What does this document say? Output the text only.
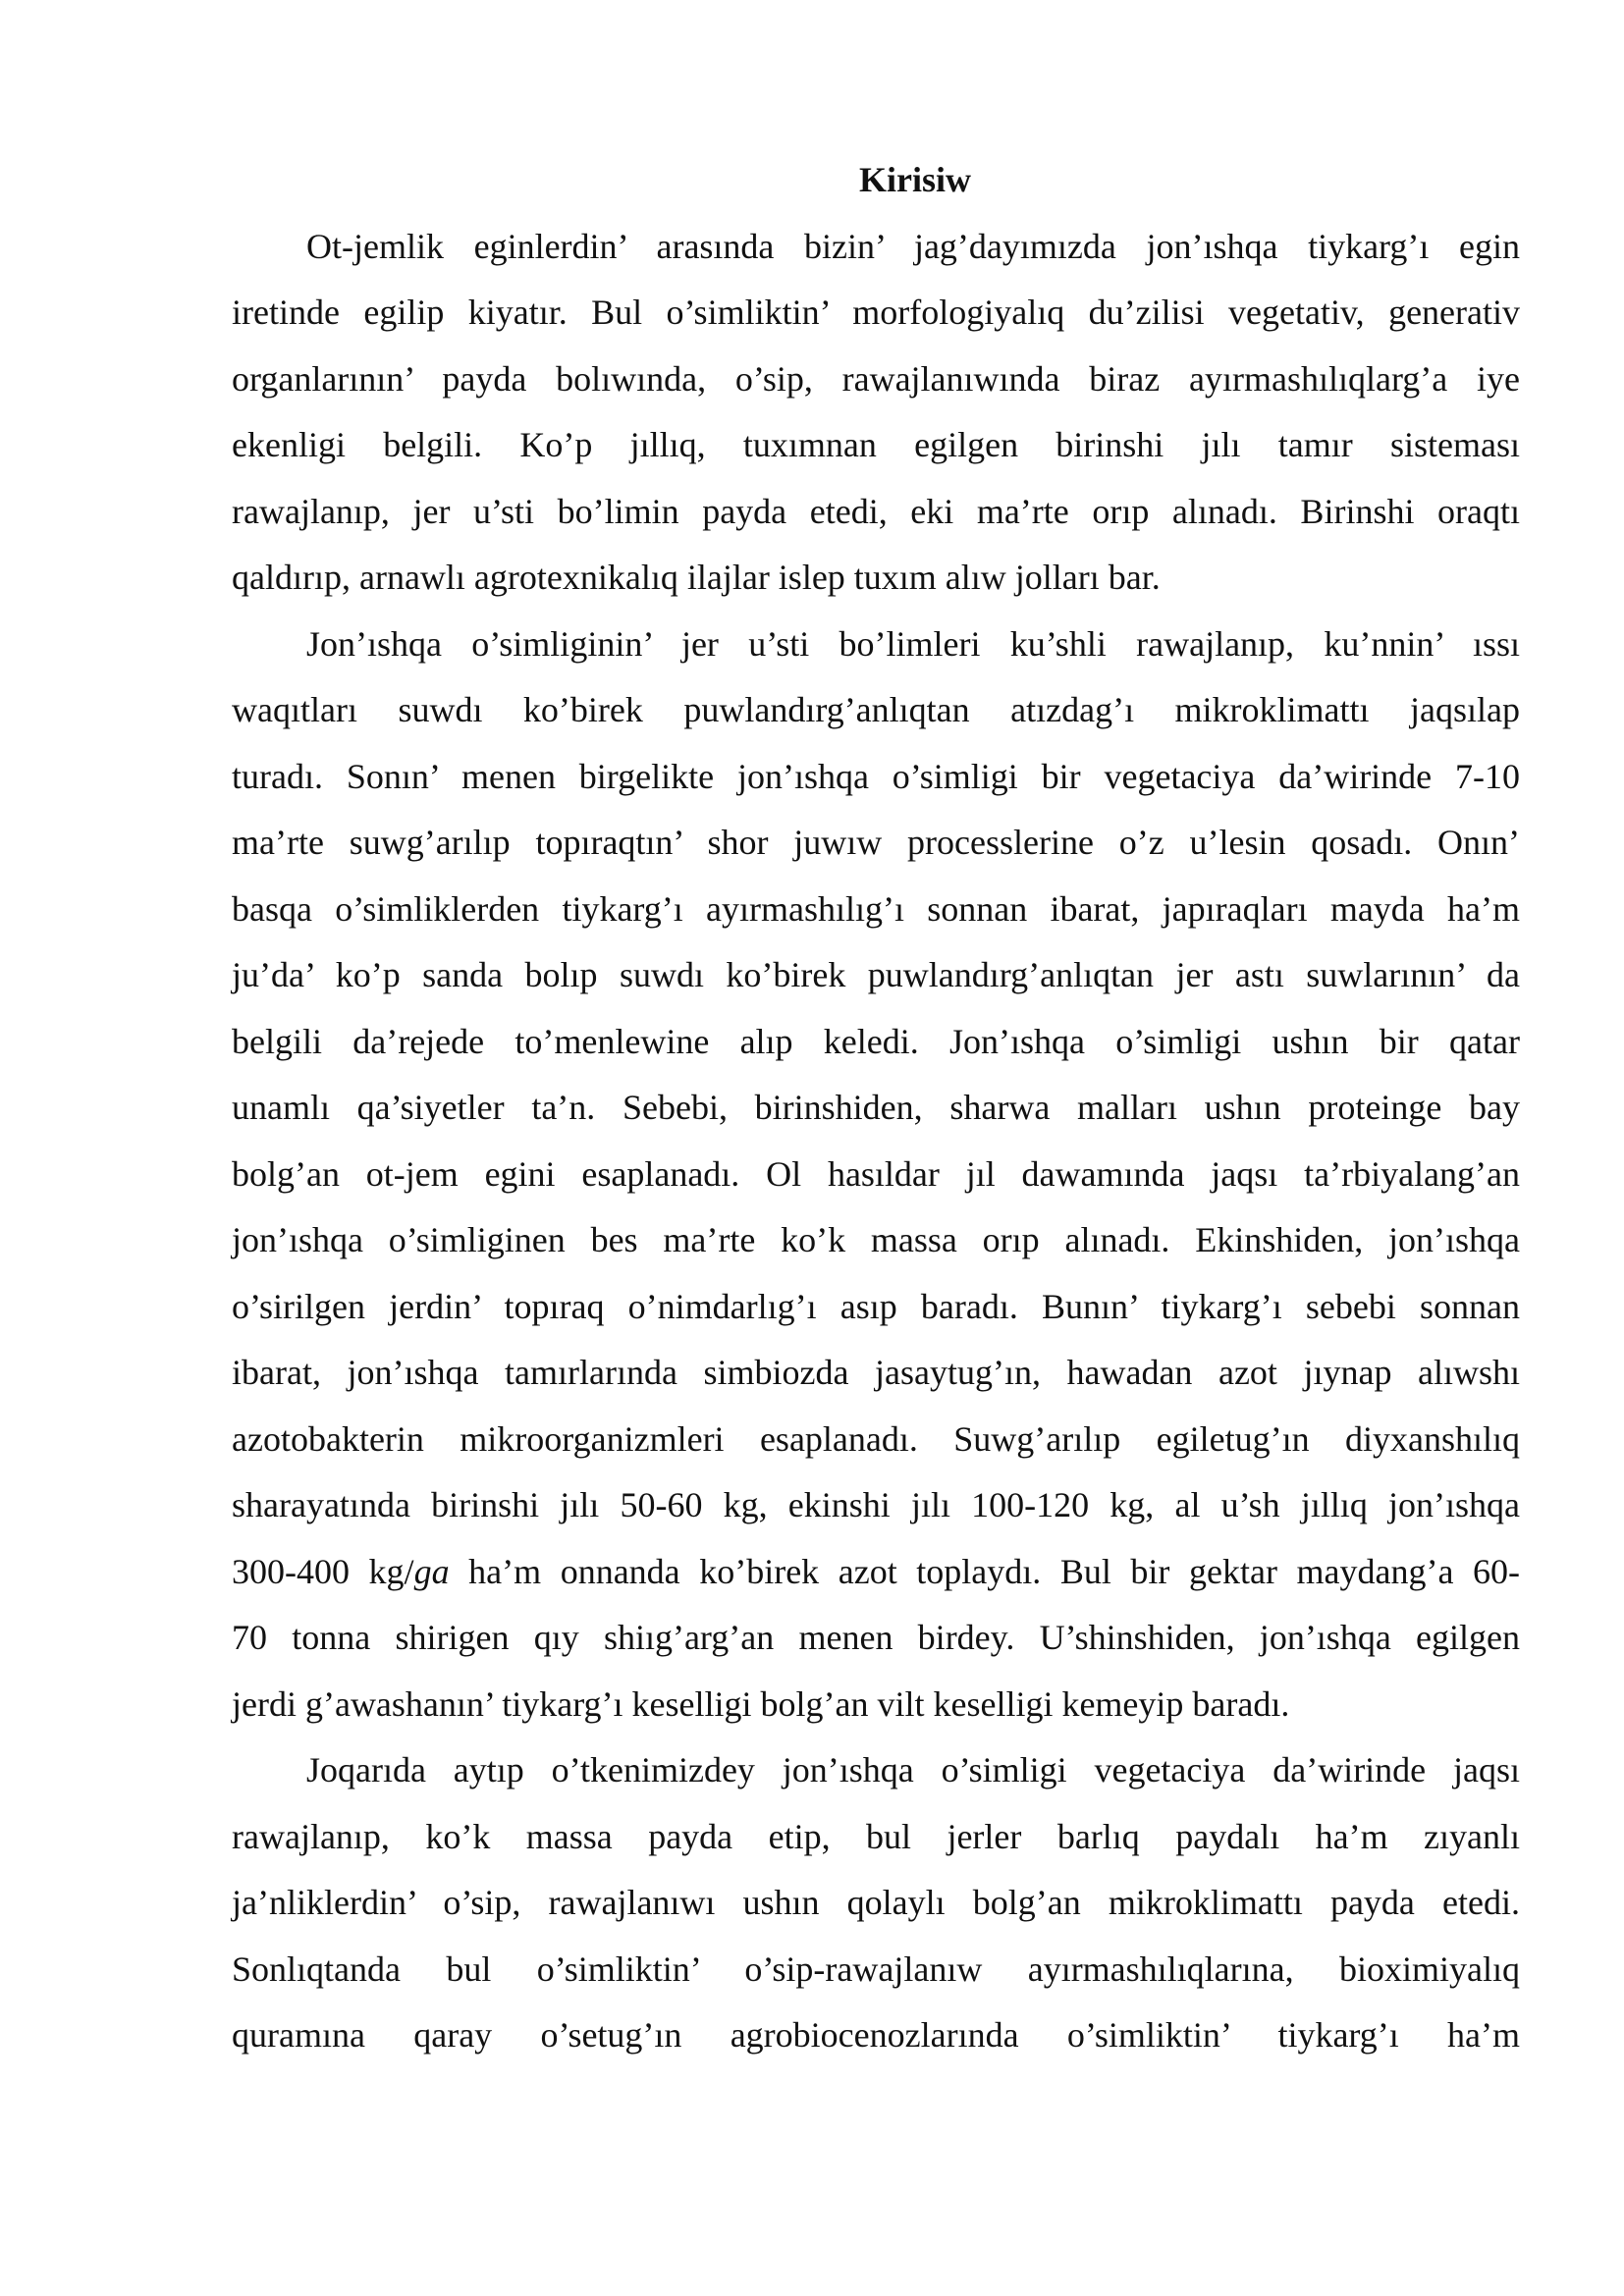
Kirisiw

Ot-jemlik eginlerdin’ arasında bizin’ jag’dayımızda jon’ıshqa tiykarg’ı egin
iretinde egilip kiyatır. Bul o’simliktin’ morfologiyalıq du’zilisi vegetativ, generativ
organlarının’ payda bolıwında, o’sip, rawajlanıwında biraz ayırmashılıqlarg’a iye
ekenligi belgili. Ko’p jıllıq, tuxımnan egilgen birinshi jılı tamır sisteması
rawajlanıp, jer u’sti bo’limin payda etedi, eki ma’rte orıp alınadı. Birinshi oraqtı
qaldırıp, arnawlı agrotexnikalıq ilajlar islep tuxım alıw jolları bar.

Jon’ıshqa o’simliginin’ jer u’sti bo’limleri ku’shli rawajlanıp, ku’nnin’ ıssı
waqıtları suwdı ko’birek puwlandırg’anlıqtan atızdag’ı mikroklimattı jaqsılap
turadı. Sonın’ menen birgelikte jon’ıshqa o’simligi bir vegetaciya da’wirinde 7-10
ma’rte suwg’arılıp topıraqtın’ shor juwıw processlerine o’z u’lesin qosadı. Onın’
basqa o’simliklerden tiykarg’ı ayırmashılıg’ı sonnan ibarat, japıraqları mayda ha’m
ju’da’ ko’p sanda bolıp suwdı ko’birek puwlandırg’anlıqtan jer astı suwlarının’ da
belgili da’rejede to’menlewine alıp keledi. Jon’ıshqa o’simligi ushın bir qatar
unamlı qa’siyetler ta’n. Sebebi, birinshiden, sharwa malları ushın proteinge bay
bolg’an ot-jem egini esaplanadı. Ol hasıldar jıl dawamında jaqsı ta’rbiyalang’an
jon’ıshqa o’simliginen bes ma’rte ko’k massa orıp alınadı. Ekinshiden, jon’ıshqa
o’sirilgen jerdin’ topıraq o’nimdarlıg’ı asıp baradı. Bunın’ tiykarg’ı sebebi sonnan
ibarat, jon’ıshqa tamırlarında simbiozda jasaytug’ın, hawadan azot jıynap alıwshı
azotobakterin mikroorganizmleri esaplanadı. Suwg’arılıp egiletug’ın diyxanshılıq
sharayatında birinshi jılı 50-60 kg, ekinshi jılı 100-120 kg, al u’sh jıllıq jon’ıshqa
300-400 kg/ga ha’m onnanda ko’birek azot toplaydı. Bul bir gektar maydang’a 60-
70 tonna shirigen qıy shiıg’arg’an menen birdey. U’shinshiden, jon’ıshqa egilgen
jerdi g’awashanın’ tiykarg’ı keselligi bolg’an vilt keselligi kemeyip baradı.

Joqarıda aytıp o’tkenimizdey jon’ıshqa o’simligi vegetaciya da’wirinde jaqsı
rawajlanıp, ko’k massa payda etip, bul jerler barlıq paydalı ha’m zıyanlı
ja’nliklerdin’ o’sip, rawajlanıwı ushın qolaylı bolg’an mikroklimattı payda etedi.
Sonlıqtanda bul o’simliktin’ o’sip-rawajlanıw ayırmashılıqlarına, bioximiyalıq
quramına qaray o’setug’ın agrobiocenozlarında o’simliktin’ tiykarg’ı ha’m
